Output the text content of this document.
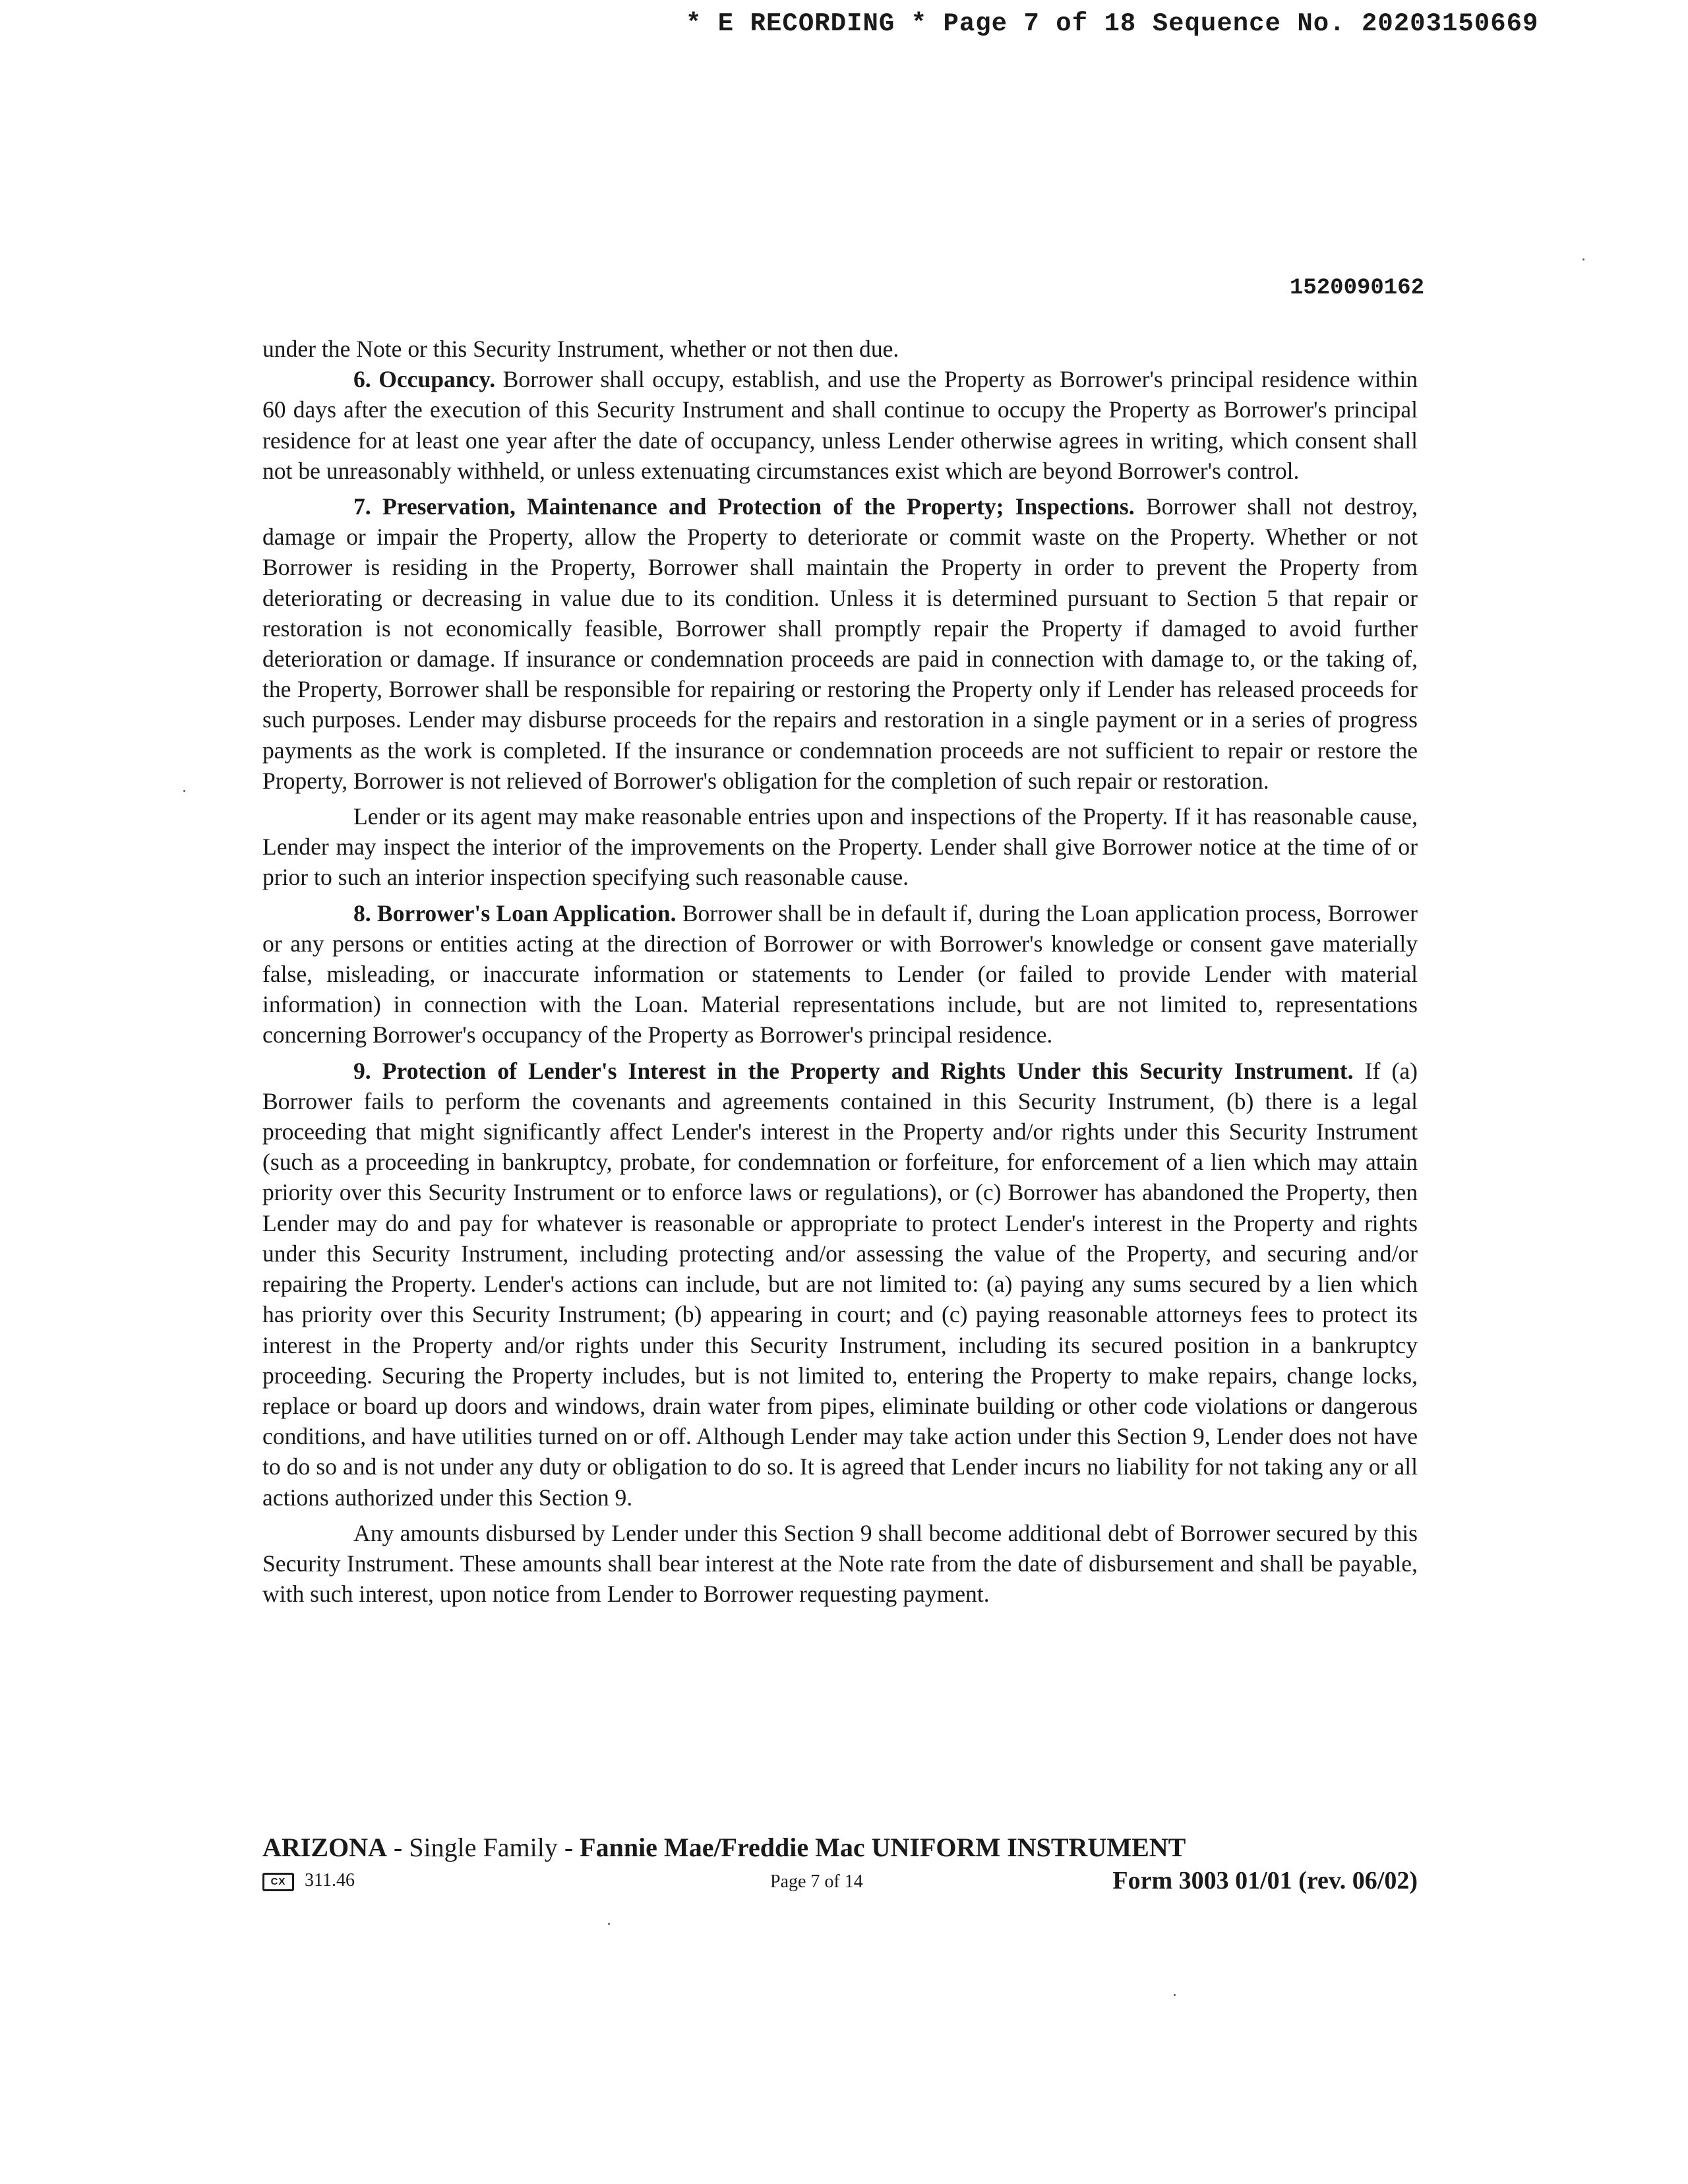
* E RECORDING * Page 7 of 18 Sequence No. 20203150669
1520090162

under the Note or this Security Instrument, whether or not then due.

6. Occupancy. Borrower shall occupy, establish, and use the Property as Borrower's principal residence within 60 days after the execution of this Security Instrument and shall continue to occupy the Property as Borrower's principal residence for at least one year after the date of occupancy, unless Lender otherwise agrees in writing, which consent shall not be unreasonably withheld, or unless extenuating circumstances exist which are beyond Borrower's control.

7. Preservation, Maintenance and Protection of the Property; Inspections. Borrower shall not destroy, damage or impair the Property, allow the Property to deteriorate or commit waste on the Property. Whether or not Borrower is residing in the Property, Borrower shall maintain the Property in order to prevent the Property from deteriorating or decreasing in value due to its condition. Unless it is determined pursuant to Section 5 that repair or restoration is not economically feasible, Borrower shall promptly repair the Property if damaged to avoid further deterioration or damage. If insurance or condemnation proceeds are paid in connection with damage to, or the taking of, the Property, Borrower shall be responsible for repairing or restoring the Property only if Lender has released proceeds for such purposes. Lender may disburse proceeds for the repairs and restoration in a single payment or in a series of progress payments as the work is completed. If the insurance or condemnation proceeds are not sufficient to repair or restore the Property, Borrower is not relieved of Borrower's obligation for the completion of such repair or restoration.

Lender or its agent may make reasonable entries upon and inspections of the Property. If it has reasonable cause, Lender may inspect the interior of the improvements on the Property. Lender shall give Borrower notice at the time of or prior to such an interior inspection specifying such reasonable cause.

8. Borrower's Loan Application. Borrower shall be in default if, during the Loan application process, Borrower or any persons or entities acting at the direction of Borrower or with Borrower's knowledge or consent gave materially false, misleading, or inaccurate information or statements to Lender (or failed to provide Lender with material information) in connection with the Loan. Material representations include, but are not limited to, representations concerning Borrower's occupancy of the Property as Borrower's principal residence.

9. Protection of Lender's Interest in the Property and Rights Under this Security Instrument. If (a) Borrower fails to perform the covenants and agreements contained in this Security Instrument, (b) there is a legal proceeding that might significantly affect Lender's interest in the Property and/or rights under this Security Instrument (such as a proceeding in bankruptcy, probate, for condemnation or forfeiture, for enforcement of a lien which may attain priority over this Security Instrument or to enforce laws or regulations), or (c) Borrower has abandoned the Property, then Lender may do and pay for whatever is reasonable or appropriate to protect Lender's interest in the Property and rights under this Security Instrument, including protecting and/or assessing the value of the Property, and securing and/or repairing the Property. Lender's actions can include, but are not limited to: (a) paying any sums secured by a lien which has priority over this Security Instrument; (b) appearing in court; and (c) paying reasonable attorneys fees to protect its interest in the Property and/or rights under this Security Instrument, including its secured position in a bankruptcy proceeding. Securing the Property includes, but is not limited to, entering the Property to make repairs, change locks, replace or board up doors and windows, drain water from pipes, eliminate building or other code violations or dangerous conditions, and have utilities turned on or off. Although Lender may take action under this Section 9, Lender does not have to do so and is not under any duty or obligation to do so. It is agreed that Lender incurs no liability for not taking any or all actions authorized under this Section 9.

Any amounts disbursed by Lender under this Section 9 shall become additional debt of Borrower secured by this Security Instrument. These amounts shall bear interest at the Note rate from the date of disbursement and shall be payable, with such interest, upon notice from Lender to Borrower requesting payment.

ARIZONA - Single Family - Fannie Mae/Freddie Mac UNIFORM INSTRUMENT
CX 311.46	Page 7 of 14	Form 3003 01/01 (rev. 06/02)
